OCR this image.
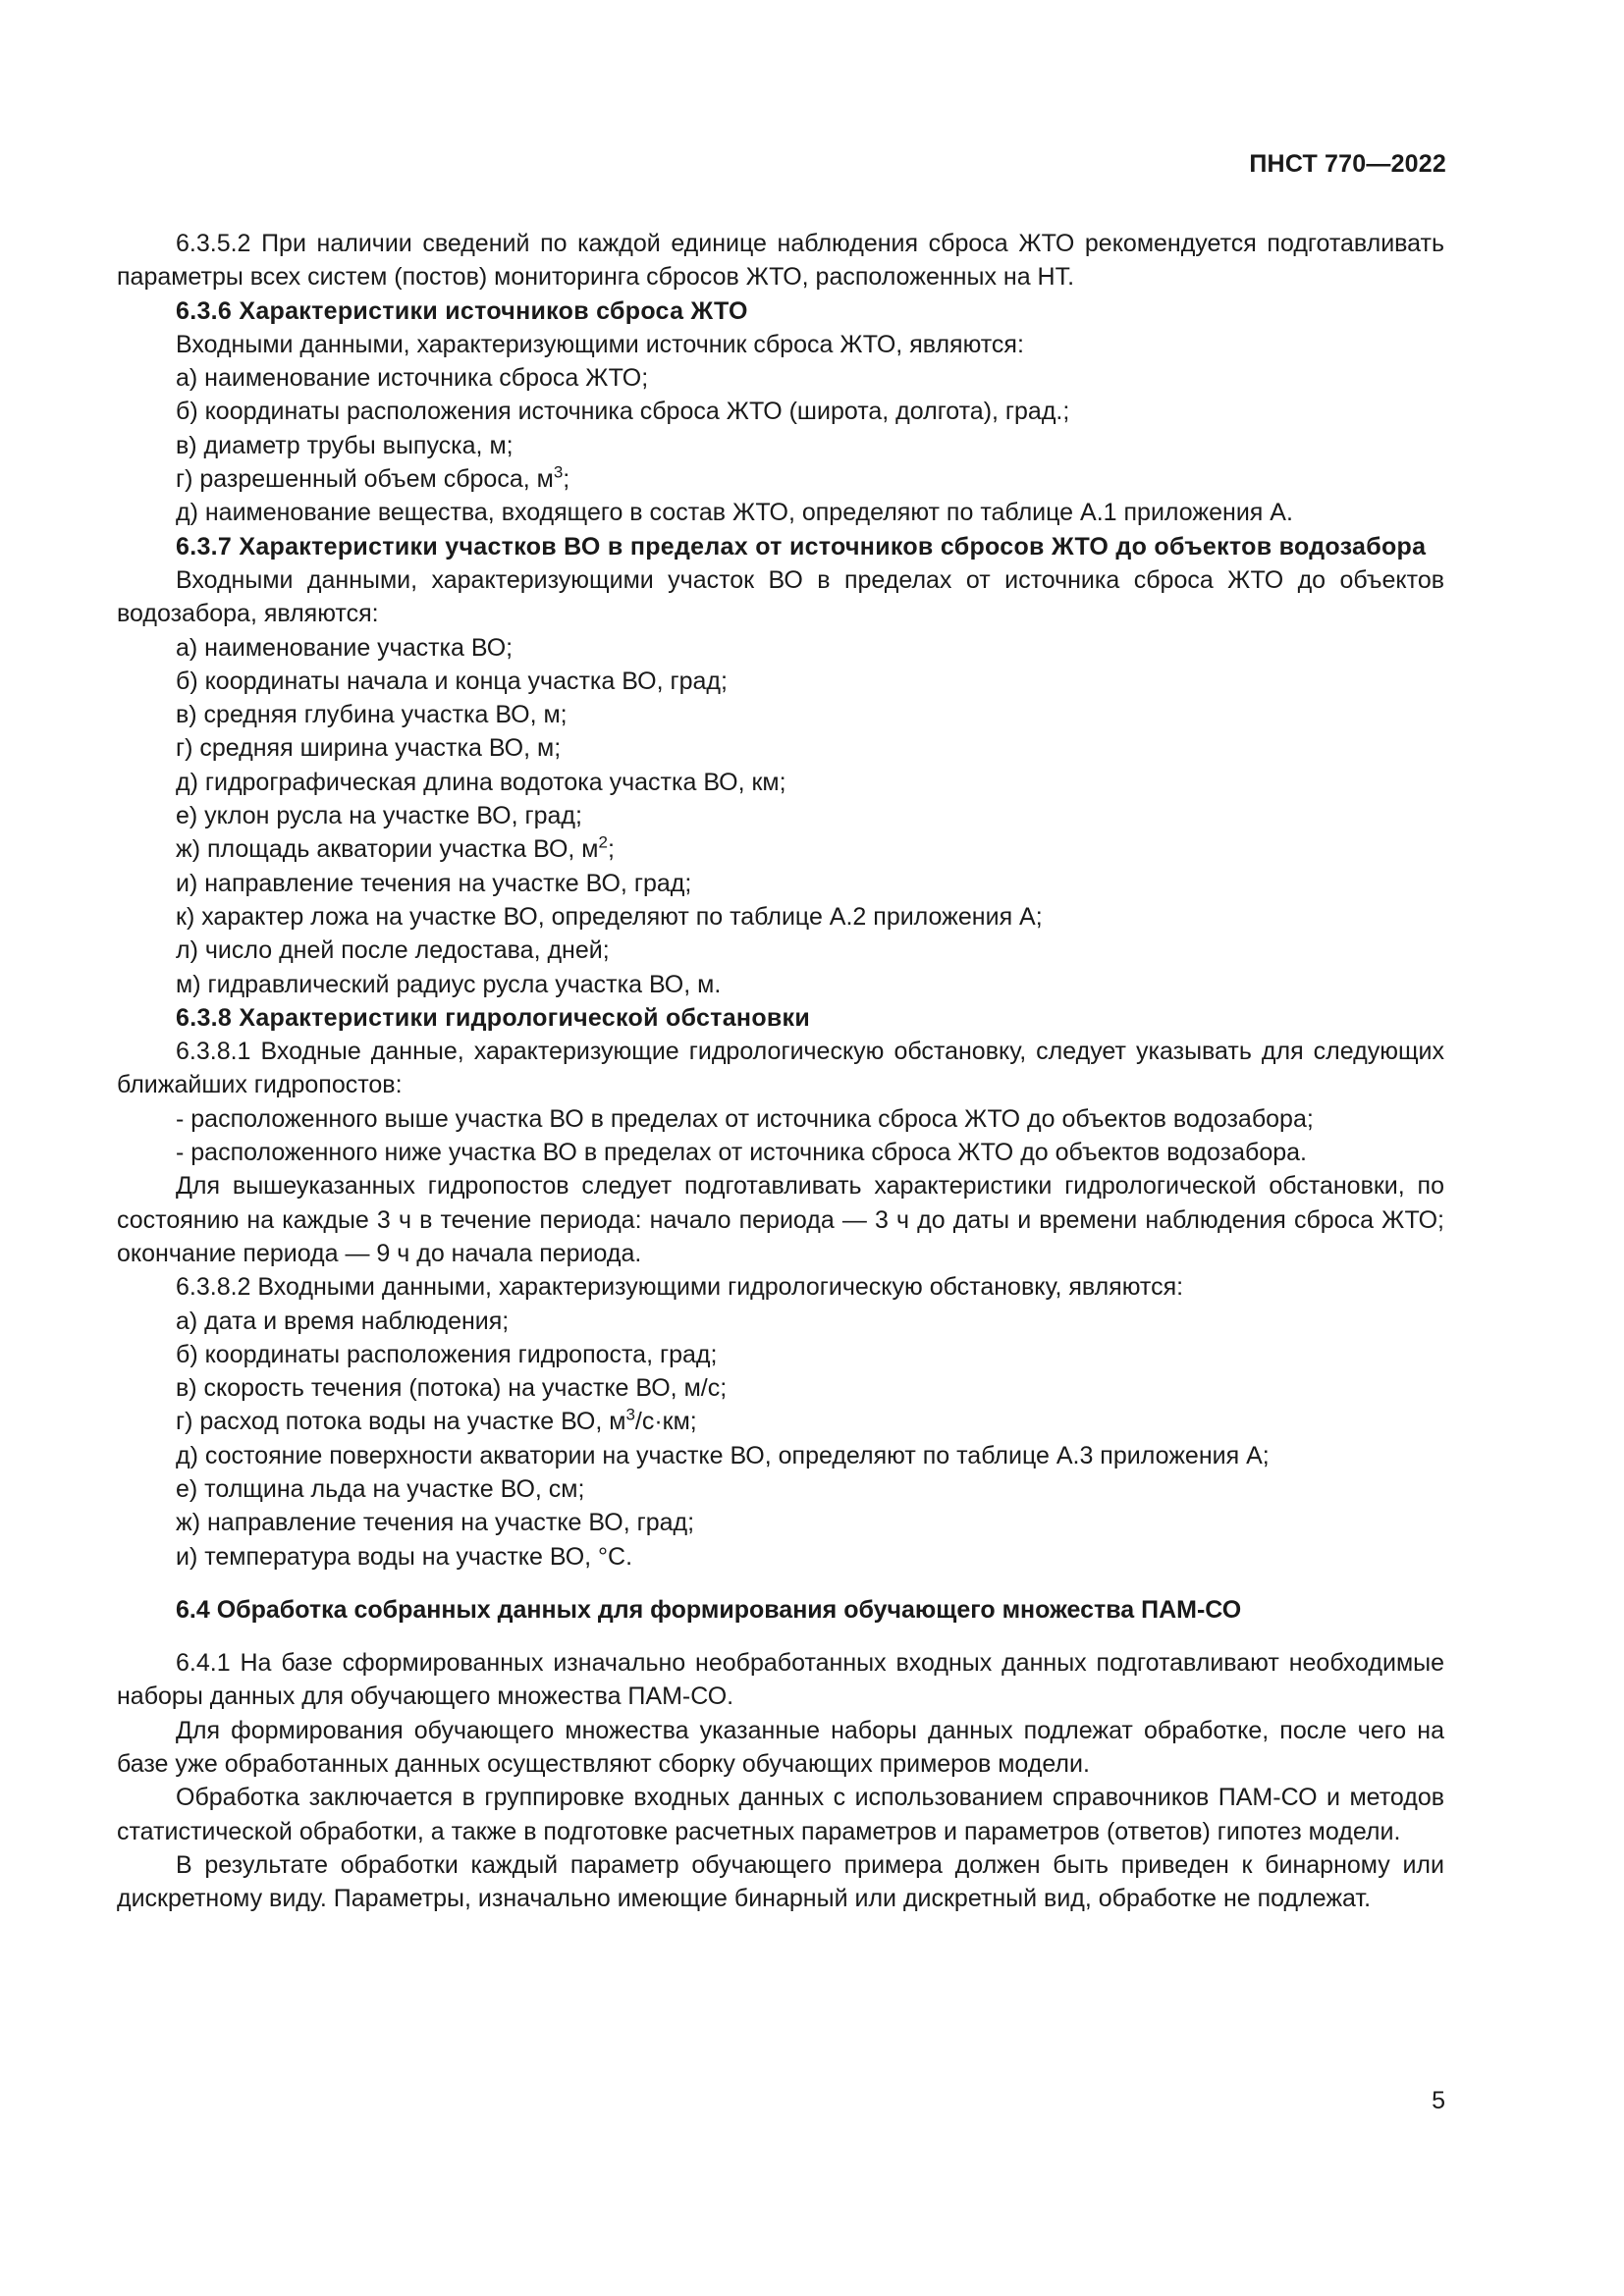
ПНСТ 770—2022

6.3.5.2 При наличии сведений по каждой единице наблюдения сброса ЖТО рекомендуется подготавливать параметры всех систем (постов) мониторинга сбросов ЖТО, расположенных на НТ.

6.3.6 Характеристики источников сброса ЖТО

Входными данными, характеризующими источник сброса ЖТО, являются:

а) наименование источника сброса ЖТО;

б) координаты расположения источника сброса ЖТО (широта, долгота), град.;

в) диаметр трубы выпуска, м;

г) разрешенный объем сброса, $м^3$;

д) наименование вещества, входящего в состав ЖТО, определяют по таблице А.1 приложения А.

6.3.7 Характеристики участков ВО в пределах от источников сбросов ЖТО до объектов водозабора

Входными данными, характеризующими участок ВО в пределах от источника сброса ЖТО до объектов водозабора, являются:

а) наименование участка ВО;

б) координаты начала и конца участка ВО, град;

в) средняя глубина участка ВО, м;

г) средняя ширина участка ВО, м;

д) гидрографическая длина водотока участка ВО, км;

е) уклон русла на участке ВО, град;

ж) площадь акватории участка ВО, $м^2$;

и) направление течения на участке ВО, град;

к) характер ложа на участке ВО, определяют по таблице А.2 приложения А;

л) число дней после ледостава, дней;

м) гидравлический радиус русла участка ВО, м.

6.3.8 Характеристики гидрологической обстановки

6.3.8.1 Входные данные, характеризующие гидрологическую обстановку, следует указывать для следующих ближайших гидропостов:

- расположенного выше участка ВО в пределах от источника сброса ЖТО до объектов водозабора;

- расположенного ниже участка ВО в пределах от источника сброса ЖТО до объектов водозабора.

Для вышеуказанных гидропостов следует подготавливать характеристики гидрологической обстановки, по состоянию на каждые 3 ч в течение периода: начало периода — 3 ч до даты и времени наблюдения сброса ЖТО; окончание периода — 9 ч до начала периода.

6.3.8.2 Входными данными, характеризующими гидрологическую обстановку, являются:

а) дата и время наблюдения;

б) координаты расположения гидропоста, град;

в) скорость течения (потока) на участке ВО, м/с;

г) расход потока воды на участке ВО, $м^3/с\cdot км$;

д) состояние поверхности акватории на участке ВО, определяют по таблице А.3 приложения А;

е) толщина льда на участке ВО, см;

ж) направление течения на участке ВО, град;

и) температура воды на участке ВО, °С.

6.4 Обработка собранных данных для формирования обучающего множества ПАМ-СО

6.4.1 На базе сформированных изначально необработанных входных данных подготавливают необходимые наборы данных для обучающего множества ПАМ-СО.

Для формирования обучающего множества указанные наборы данных подлежат обработке, после чего на базе уже обработанных данных осуществляют сборку обучающих примеров модели.

Обработка заключается в группировке входных данных с использованием справочников ПАМ-СО и методов статистической обработки, а также в подготовке расчетных параметров и параметров (ответов) гипотез модели.

В результате обработки каждый параметр обучающего примера должен быть приведен к бинарному или дискретному виду. Параметры, изначально имеющие бинарный или дискретный вид, обработке не подлежат.

5
